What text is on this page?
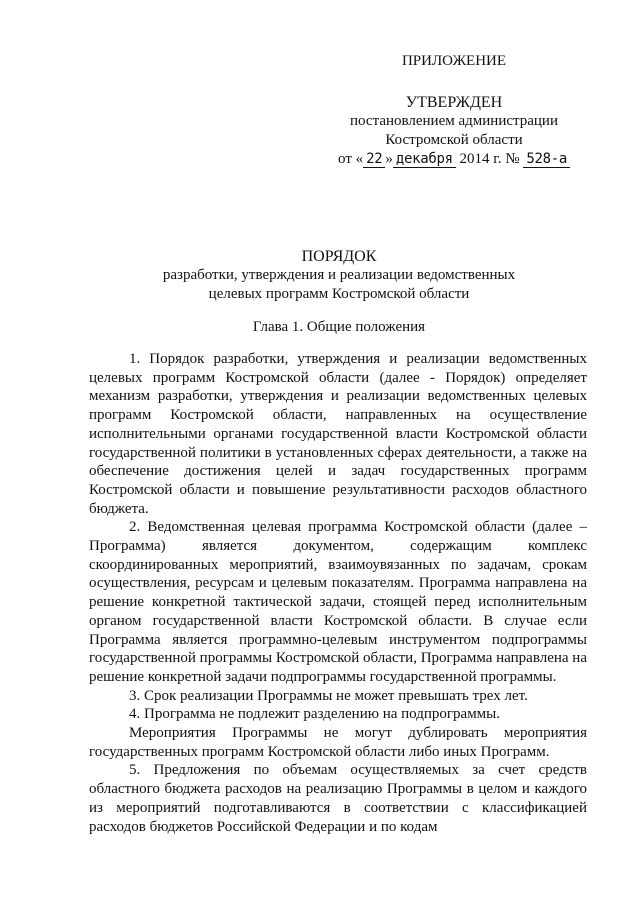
ПРИЛОЖЕНИЕ
УТВЕРЖДЕН
постановлением администрации
Костромской области
от « 22 » декабря 2014 г. № 528-а
ПОРЯДОК
разработки, утверждения и реализации ведомственных
целевых программ Костромской области
Глава 1. Общие положения

1. Порядок разработки, утверждения и реализации ведомственных целевых программ Костромской области (далее - Порядок) определяет механизм разработки, утверждения и реализации ведомственных целевых программ Костромской области, направленных на осуществление исполнительными органами государственной власти Костромской области государственной политики в установленных сферах деятельности, а также на обеспечение достижения целей и задач государственных программ Костромской области и повышение результативности расходов областного бюджета.

2. Ведомственная целевая программа Костромской области (далее – Программа) является документом, содержащим комплекс скоординированных мероприятий, взаимоувязанных по задачам, срокам осуществления, ресурсам и целевым показателям. Программа направлена на решение конкретной тактической задачи, стоящей перед исполнительным органом государственной власти Костромской области. В случае если Программа является программно-целевым инструментом подпрограммы государственной программы Костромской области, Программа направлена на решение конкретной задачи подпрограммы государственной программы.

3. Срок реализации Программы не может превышать трех лет.

4. Программа не подлежит разделению на подпрограммы.

Мероприятия Программы не могут дублировать мероприятия государственных программ Костромской области либо иных Программ.

5. Предложения по объемам осуществляемых за счет средств областного бюджета расходов на реализацию Программы в целом и каждого из мероприятий подготавливаются в соответствии с классификацией расходов бюджетов Российской Федерации и по кодам
